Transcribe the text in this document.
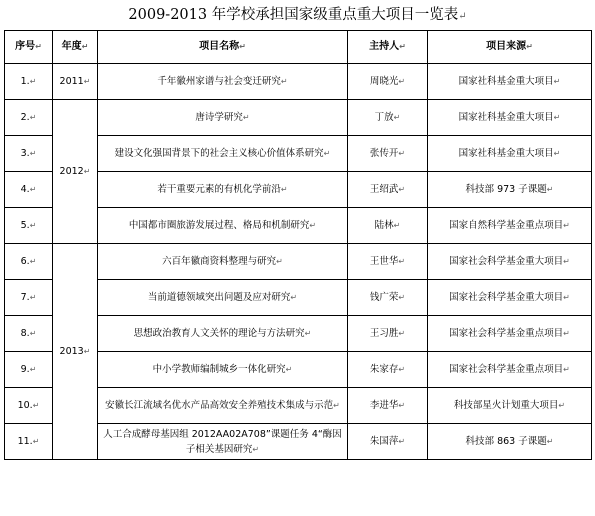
2009-2013 年学校承担国家级重点重大项目一览表↵
序号↵	年度↵	项目名称↵	主持人↵	项目来源↵
1.↵	2011↵	千年徽州家谱与社会变迁研究↵	周晓光↵	国家社科基金重大项目↵
2.↵	2012↵	唐诗学研究↵	丁放↵	国家社科基金重大项目↵
3.↵		建设文化强国背景下的社会主义核心价值体系研究↵	张传开↵	国家社科基金重大项目↵
4.↵		若干重要元素的有机化学前沿↵	王绍武↵	科技部 973 子课题↵
5.↵		中国都市圈旅游发展过程、格局和机制研究↵	陆林↵	国家自然科学基金重点项目↵
6.↵	2013↵	六百年徽商资料整理与研究↵	王世华↵	国家社会科学基金重大项目↵
7.↵		当前道德领域突出问题及应对研究↵	钱广荣↵	国家社会科学基金重大项目↵
8.↵		思想政治教育人文关怀的理论与方法研究↵	王习胜↵	国家社会科学基金重点项目↵
9.↵		中小学教师编制城乡一体化研究↵	朱家存↵	国家社会科学基金重点项目↵
10.↵		安徽长江流域名优水产品高效安全养殖技术集成与示范↵	李进华↵	科技部星火计划重大项目↵
11.↵		人工合成酵母基因组 2012AA02A708”课题任务 4“酶因子相关基因研究↵	朱国萍↵	科技部 863 子课题↵
